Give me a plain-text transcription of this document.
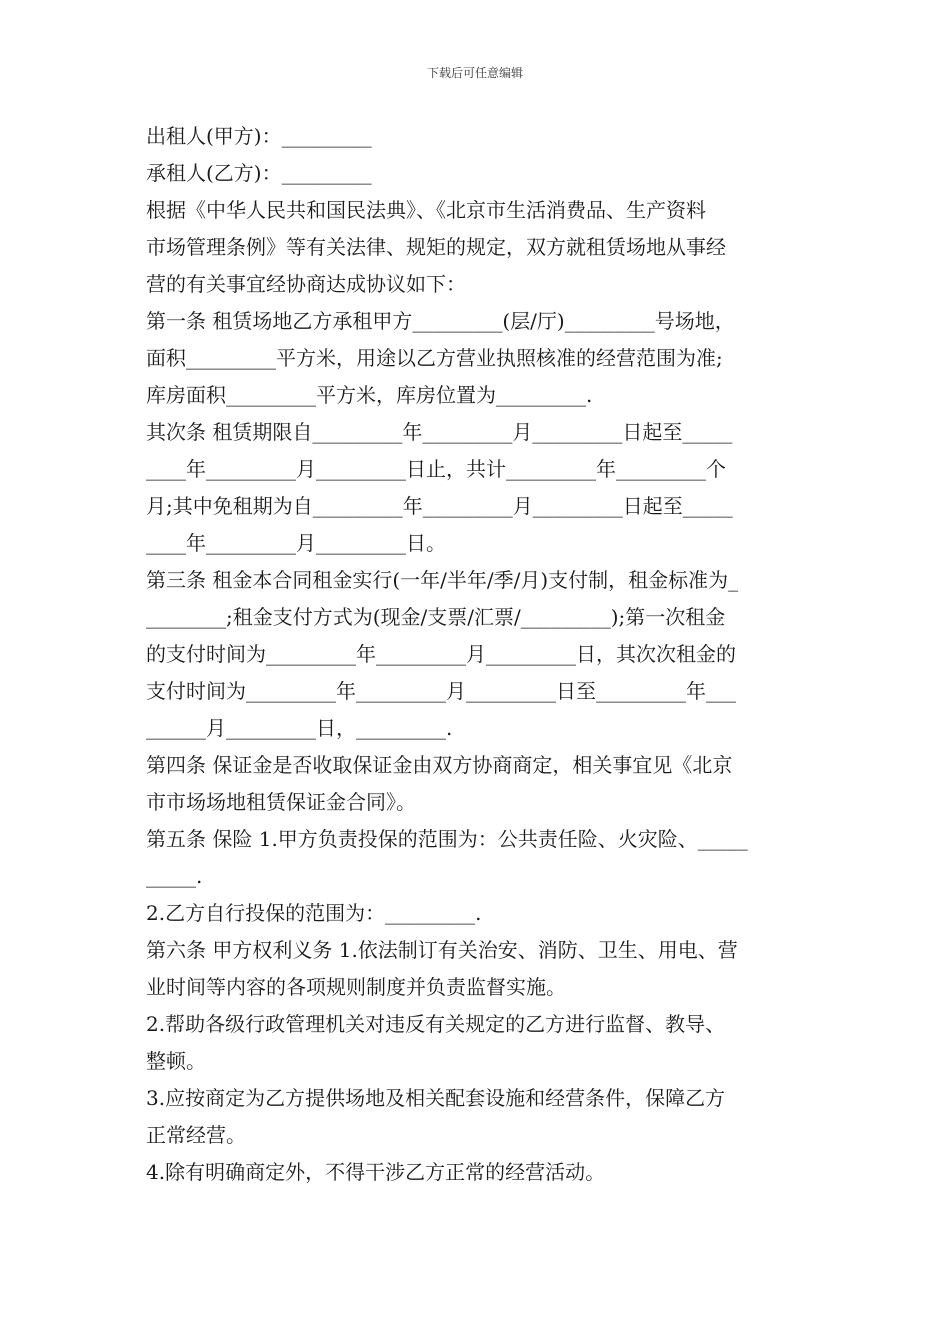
下载后可任意编辑

出租人(甲方)：_________

承租人(乙方)：_________

根据《中华人民共和国民法典》、《北京市生活消费品、生产资料

市场管理条例》等有关法律、规矩的规定，双方就租赁场地从事经

营的有关事宜经协商达成协议如下：

第一条 租赁场地乙方承租甲方_________(层/厅)_________号场地，

面积_________平方米，用途以乙方营业执照核准的经营范围为准;

库房面积_________平方米，库房位置为_________.

其次条 租赁期限自_________年_________月_________日起至_____

____年_________月_________日止，共计_________年_________个

月;其中免租期为自_________年_________月_________日起至_____

____年_________月_________日。

第三条 租金本合同租金实行(一年/半年/季/月)支付制，租金标准为_

________;租金支付方式为(现金/支票/汇票/_________);第一次租金

的支付时间为_________年_________月_________日，其次次租金的

支付时间为_________年_________月_________日至_________年___

______月_________日，_________.

第四条 保证金是否收取保证金由双方协商商定，相关事宜见《北京

市市场场地租赁保证金合同》。

第五条 保险 1.甲方负责投保的范围为：公共责任险、火灾险、_____

_____.

2.乙方自行投保的范围为：_________.

第六条 甲方权利义务 1.依法制订有关治安、消防、卫生、用电、营

业时间等内容的各项规则制度并负责监督实施。

2.帮助各级行政管理机关对违反有关规定的乙方进行监督、教导、

整顿。

3.应按商定为乙方提供场地及相关配套设施和经营条件，保障乙方

正常经营。

4.除有明确商定外，不得干涉乙方正常的经营活动。
